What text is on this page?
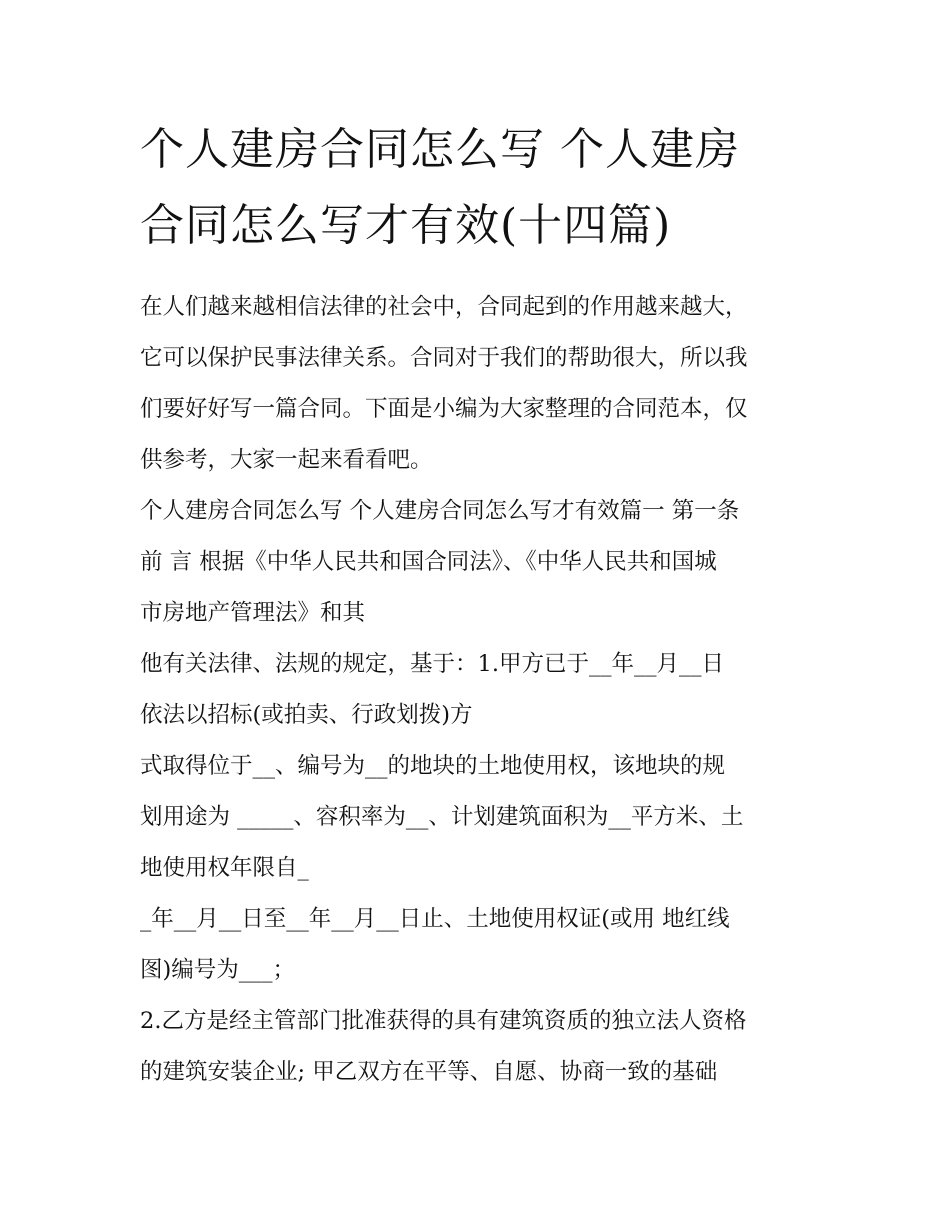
个人建房合同怎么写 个人建房
合同怎么写才有效(十四篇)

在人们越来越相信法律的社会中，合同起到的作用越来越大，
它可以保护民事法律关系。合同对于我们的帮助很大，所以我
们要好好写一篇合同。下面是小编为大家整理的合同范本，仅
供参考，大家一起来看看吧。

个人建房合同怎么写 个人建房合同怎么写才有效篇一 第一条
前 言 根据《中华人民共和国合同法》、《中华人民共和国城
市房地产管理法》和其

他有关法律、法规的规定，基于：1.甲方已于__年__月__日
依法以招标(或拍卖、行政划拨)方

式取得位于__、编号为__的地块的土地使用权，该地块的规
划用途为 _____、容积率为__、计划建筑面积为__平方米、土
地使用权年限自_

_年__月__日至__年__月__日止、土地使用权证(或用 地红线
图)编号为___；

2.乙方是经主管部门批准获得的具有建筑资质的独立法人资格
的建筑安装企业; 甲乙双方在平等、自愿、协商一致的基础
